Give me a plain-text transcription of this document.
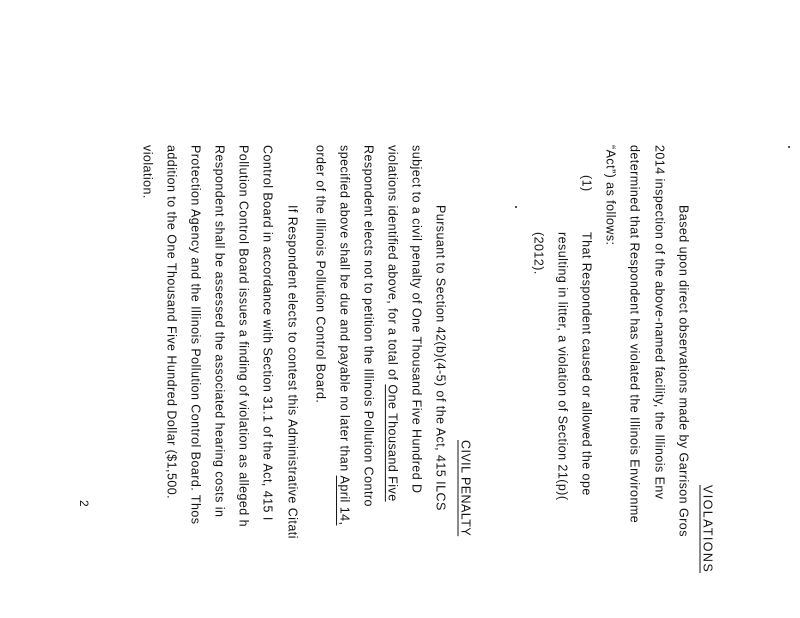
VIOLATIONS
Based upon direct observations made by Garrison Gros
2014 inspection of the above-named facility, the Illinois Env
determined that Respondent has violated the Illinois Environme
“Act”) as follows:
(1)
That Respondent caused or allowed the ope
resulting in litter, a violation of Section 21(p)(
(2012).
CIVIL PENALTY
Pursuant to Section 42(b)(4-5) of the Act, 415 ILCS
subject to a civil penalty of One Thousand Five Hundred D
violations identified above, for a total of One Thousand Five
Respondent elects not to petition the Illinois Pollution Contro
specified above shall be due and payable no later than April 14,
order of the Illinois Pollution Control Board.
If Respondent elects to contest this Administrative Citati
Control Board in accordance with Section 31.1 of the Act, 415 I
Pollution Control Board issues a finding of violation as alleged h
Respondent shall be assessed the associated hearing costs in
Protection Agency and the Illinois Pollution Control Board. Thos
addition to the One Thousand Five Hundred Dollar ($1,500.
violation.
2
